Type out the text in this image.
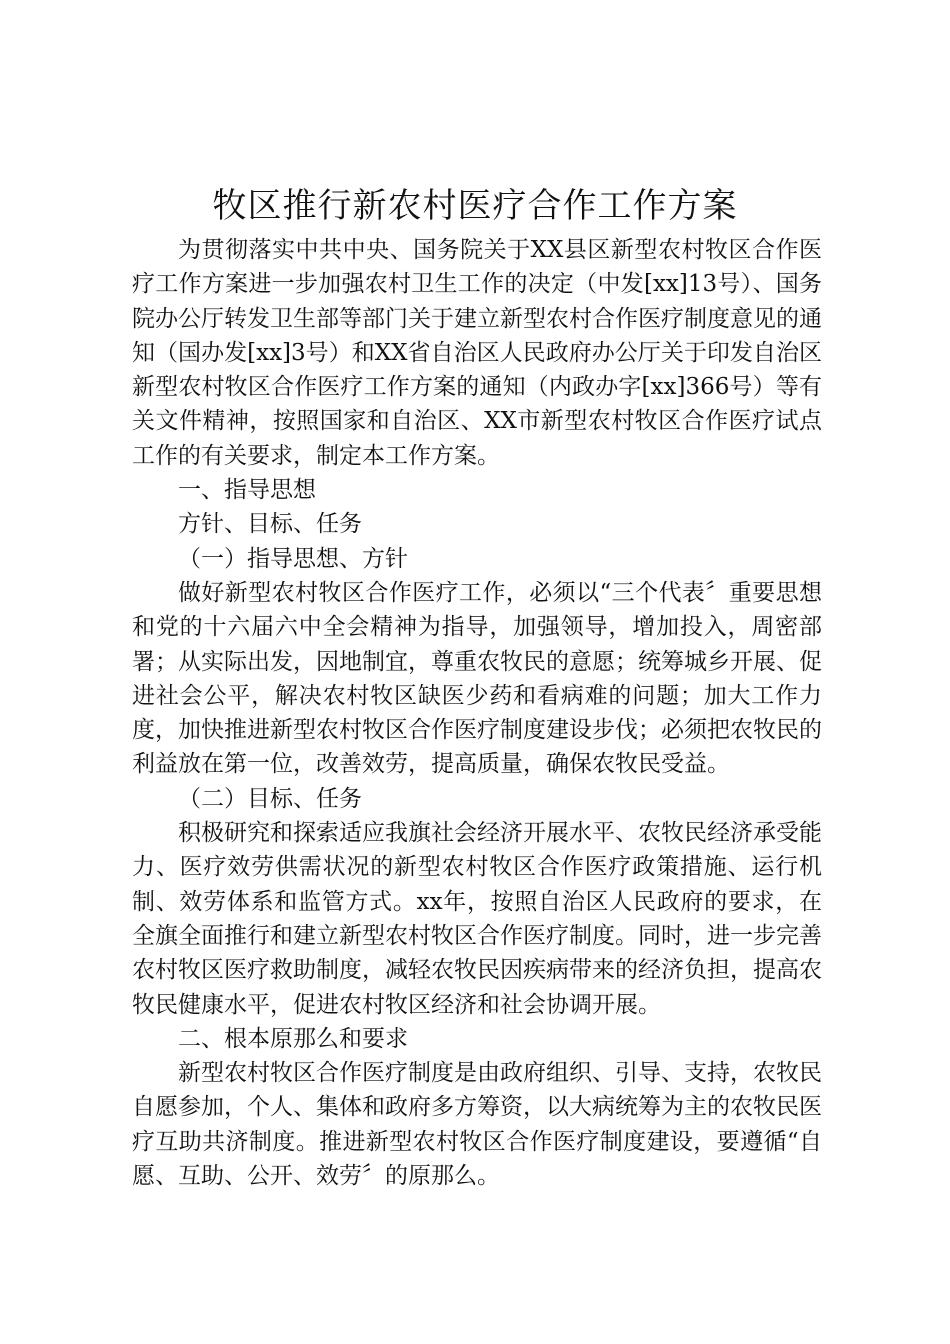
牧区推行新农村医疗合作工作方案

为贯彻落实中共中央、国务院关于XX县区新型农村牧区合作医疗工作方案进一步加强农村卫生工作的决定（中发[xx]13号）、国务院办公厅转发卫生部等部门关于建立新型农村合作医疗制度意见的通知（国办发[xx]3号）和XX省自治区人民政府办公厅关于印发自治区新型农村牧区合作医疗工作方案的通知（内政办字[xx]366号）等有关文件精神，按照国家和自治区、XX市新型农村牧区合作医疗试点工作的有关要求，制定本工作方案。

一、指导思想

方针、目标、任务

（一）指导思想、方针

做好新型农村牧区合作医疗工作，必须以“三个代表〞重要思想和党的十六届六中全会精神为指导，加强领导，增加投入，周密部署；从实际出发，因地制宜，尊重农牧民的意愿；统筹城乡开展、促进社会公平，解决农村牧区缺医少药和看病难的问题；加大工作力度，加快推进新型农村牧区合作医疗制度建设步伐；必须把农牧民的利益放在第一位，改善效劳，提高质量，确保农牧民受益。

（二）目标、任务

积极研究和探索适应我旗社会经济开展水平、农牧民经济承受能力、医疗效劳供需状况的新型农村牧区合作医疗政策措施、运行机制、效劳体系和监管方式。xx年，按照自治区人民政府的要求，在全旗全面推行和建立新型农村牧区合作医疗制度。同时，进一步完善农村牧区医疗救助制度，减轻农牧民因疾病带来的经济负担，提高农牧民健康水平，促进农村牧区经济和社会协调开展。

二、根本原那么和要求

新型农村牧区合作医疗制度是由政府组织、引导、支持，农牧民自愿参加，个人、集体和政府多方筹资，以大病统筹为主的农牧民医疗互助共济制度。推进新型农村牧区合作医疗制度建设，要遵循“自愿、互助、公开、效劳〞的原那么。
